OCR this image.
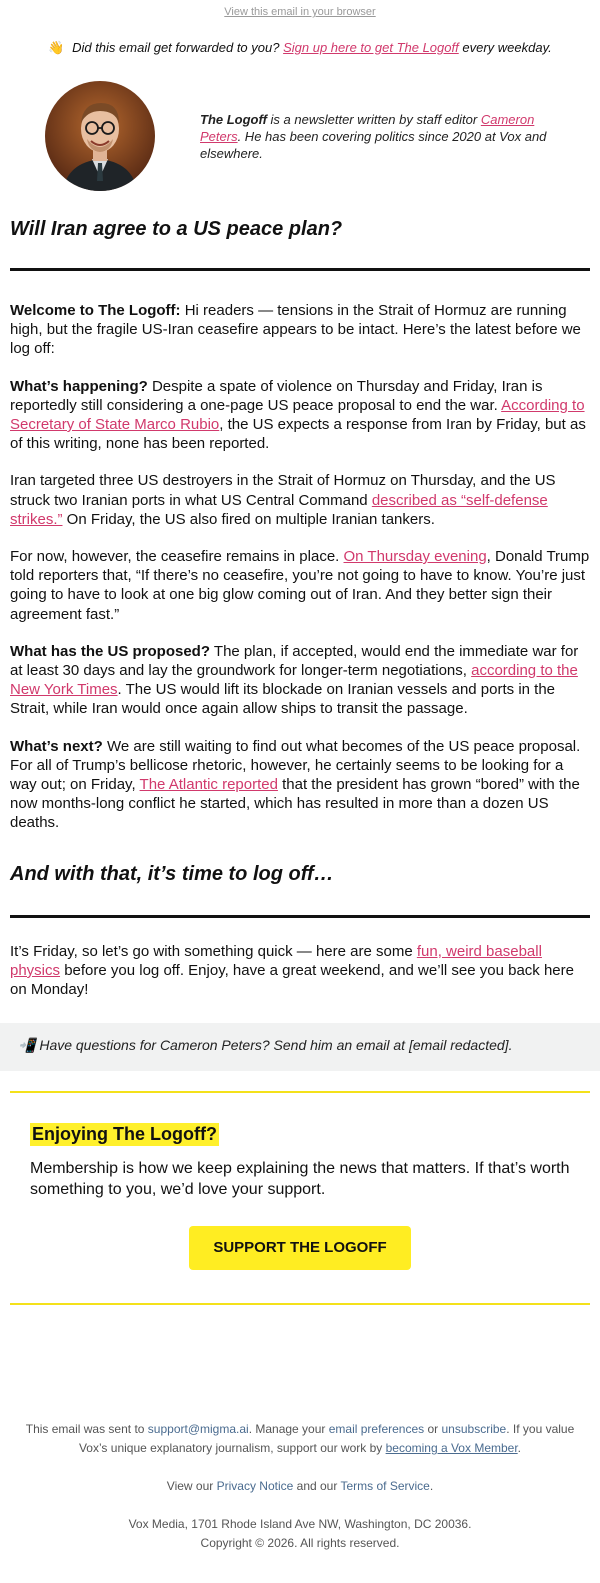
View this email in your browser
👋 Did this email get forwarded to you? Sign up here to get The Logoff every weekday.
The Logoff is a newsletter written by staff editor Cameron Peters. He has been covering politics since 2020 at Vox and elsewhere.
Will Iran agree to a US peace plan?

Welcome to The Logoff: Hi readers — tensions in the Strait of Hormuz are running high, but the fragile US-Iran ceasefire appears to be intact. Here’s the latest before we log off:

What’s happening? Despite a spate of violence on Thursday and Friday, Iran is reportedly still considering a one-page US peace proposal to end the war. According to Secretary of State Marco Rubio, the US expects a response from Iran by Friday, but as of this writing, none has been reported.

Iran targeted three US destroyers in the Strait of Hormuz on Thursday, and the US struck two Iranian ports in what US Central Command described as “self-defense strikes.” On Friday, the US also fired on multiple Iranian tankers.

For now, however, the ceasefire remains in place. On Thursday evening, Donald Trump told reporters that, “If there’s no ceasefire, you’re not going to have to know. You’re just going to have to look at one big glow coming out of Iran. And they better sign their agreement fast.”

What has the US proposed? The plan, if accepted, would end the immediate war for at least 30 days and lay the groundwork for longer-term negotiations, according to the New York Times. The US would lift its blockade on Iranian vessels and ports in the Strait, while Iran would once again allow ships to transit the passage.

What’s next? We are still waiting to find out what becomes of the US peace proposal. For all of Trump’s bellicose rhetoric, however, he certainly seems to be looking for a way out; on Friday, The Atlantic reported that the president has grown “bored” with the now months-long conflict he started, which has resulted in more than a dozen US deaths.

And with that, it’s time to log off…

It’s Friday, so let’s go with something quick — here are some fun, weird baseball physics before you log off. Enjoy, have a great weekend, and we’ll see you back here on Monday!

📲 Have questions for Cameron Peters? Send him an email at [email redacted].
Enjoying The Logoff?

Membership is how we keep explaining the news that matters. If that’s worth something to you, we’d love your support.

SUPPORT THE LOGOFF

This email was sent to support@migma.ai. Manage your email preferences or unsubscribe. If you value Vox’s unique explanatory journalism, support our work by becoming a Vox Member.

View our Privacy Notice and our Terms of Service.

Vox Media, 1701 Rhode Island Ave NW, Washington, DC 20036.
Copyright © 2026. All rights reserved.
